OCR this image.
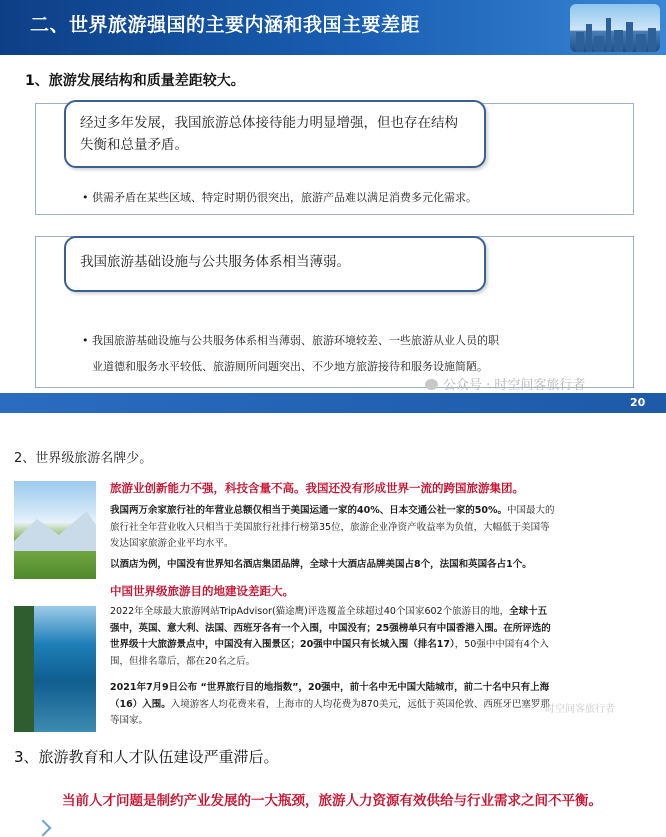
二、世界旅游强国的主要内涵和我国主要差距
1、旅游发展结构和质量差距较大。
经过多年发展，我国旅游总体接待能力明显增强，但也存在结构失衡和总量矛盾。
• 供需矛盾在某些区域、特定时期仍很突出，旅游产品难以满足消费多元化需求。
我国旅游基础设施与公共服务体系相当薄弱。
• 我国旅游基础设施与公共服务体系相当薄弱、旅游环境较差、一些旅游从业人员的职
业道德和服务水平较低、旅游厕所问题突出、不少地方旅游接待和服务设施简陋。
公众号 · 时空间客旅行者
20
2、世界级旅游名牌少。
旅游业创新能力不强，科技含量不高。我国还没有形成世界一流的跨国旅游集团。
我国两万余家旅行社的年营业总额仅相当于美国运通一家的40%、日本交通公社一家的50%。中国最大的旅行社全年营业收入只相当于美国旅行社排行榜第35位，旅游企业净资产收益率为负值，大幅低于美国等发达国家旅游企业平均水平。
以酒店为例，中国没有世界知名酒店集团品牌，全球十大酒店品牌美国占8个，法国和英国各占1个。
中国世界级旅游目的地建设差距大。
2022年全球最大旅游网站TripAdvisor(猫途鹰)评选覆盖全球超过40个国家602个旅游目的地，全球十五强中，英国、意大利、法国、西班牙各有一个入围，中国没有；25强榜单只有中国香港入围。在所评选的世界级十大旅游景点中，中国没有入围景区；20强中中国只有长城入围（排名17），50强中中国有4个入围，但排名靠后，都在20名之后。
2021年7月9日公布 “世界旅行目的地指数”，20强中，前十名中无中国大陆城市，前二十名中只有上海（16）入围。入境游客人均花费来看，上海市的人均花费为870美元，远低于英国伦敦、西班牙巴塞罗那等国家。
时空间客旅行者
3、旅游教育和人才队伍建设严重滞后。
当前人才问题是制约产业发展的一大瓶颈，旅游人力资源有效供给与行业需求之间不平衡。
